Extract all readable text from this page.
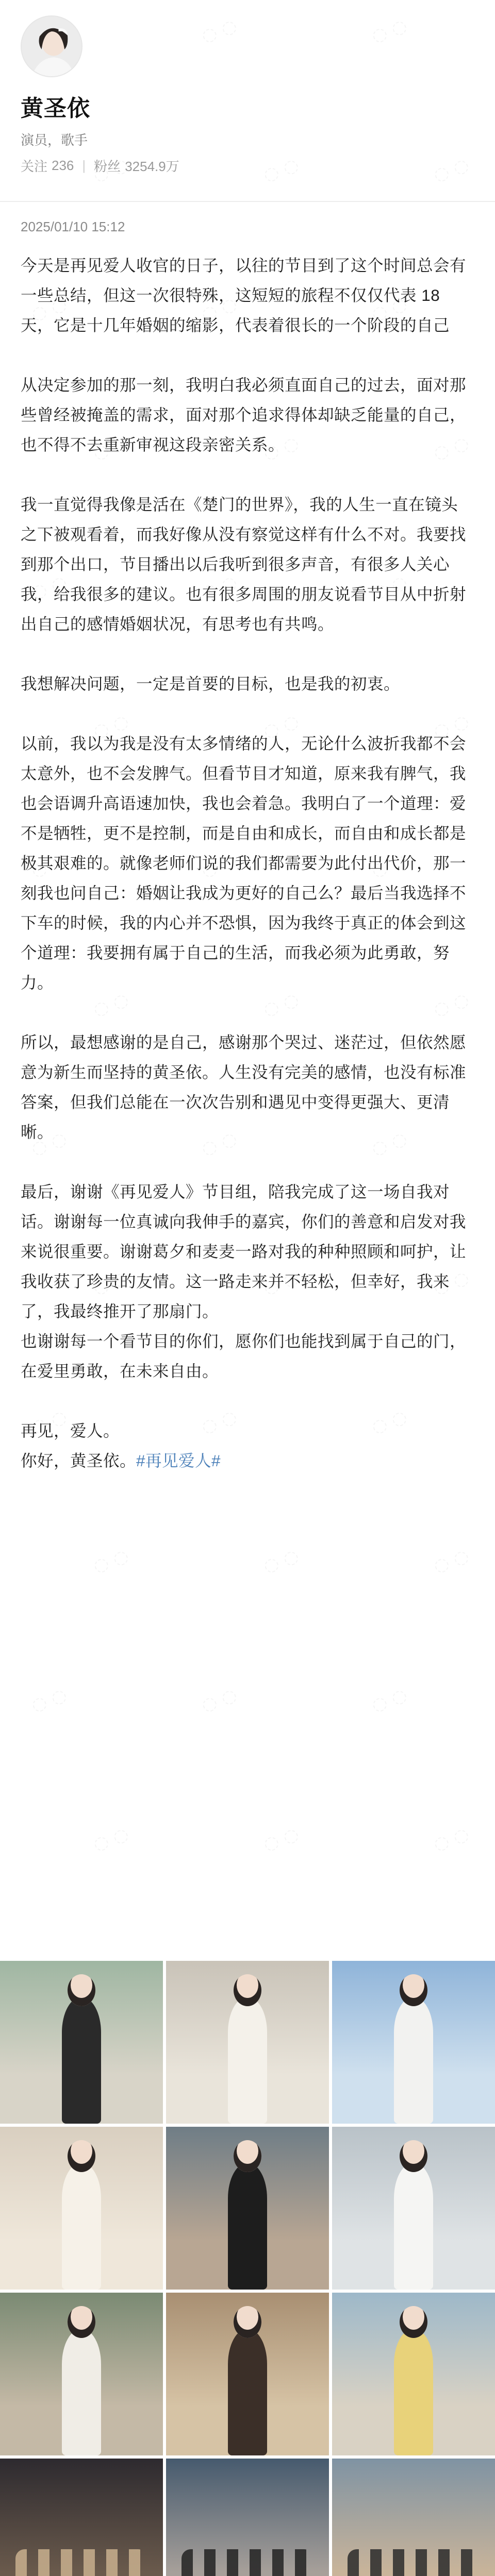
黄圣依
演员，歌手
关注 236 | 粉丝 3254.9万
2025/01/10 15:12

今天是再见爱人收官的日子，以往的节目到了这个时间总会有一些总结，但这一次很特殊，这短短的旅程不仅仅代表 18 天，它是十几年婚姻的缩影，代表着很长的一个阶段的自己

从决定参加的那一刻，我明白我必须直面自己的过去，面对那些曾经被掩盖的需求，面对那个追求得体却缺乏能量的自己，也不得不去重新审视这段亲密关系。

我一直觉得我像是活在《楚门的世界》，我的人生一直在镜头之下被观看着，而我好像从没有察觉这样有什么不对。我要找到那个出口，节目播出以后我听到很多声音，有很多人关心我，给我很多的建议。也有很多周围的朋友说看节目从中折射出自己的感情婚姻状况，有思考也有共鸣。

我想解决问题，一定是首要的目标，也是我的初衷。

以前，我以为我是没有太多情绪的人，无论什么波折我都不会太意外，也不会发脾气。但看节目才知道，原来我有脾气，我也会语调升高语速加快，我也会着急。我明白了一个道理：爱不是牺牲，更不是控制，而是自由和成长，而自由和成长都是极其艰难的。就像老师们说的我们都需要为此付出代价，那一刻我也问自己：婚姻让我成为更好的自己么？最后当我选择不下车的时候，我的内心并不恐惧，因为我终于真正的体会到这个道理：我要拥有属于自己的生活，而我必须为此勇敢，努力。

所以，最想感谢的是自己，感谢那个哭过、迷茫过，但依然愿意为新生而坚持的黄圣依。人生没有完美的感情，也没有标准答案，但我们总能在一次次告别和遇见中变得更强大、更清晰。

最后，谢谢《再见爱人》节目组，陪我完成了这一场自我对话。谢谢每一位真诚向我伸手的嘉宾，你们的善意和启发对我来说很重要。谢谢葛夕和麦麦一路对我的种种照顾和呵护，让我收获了珍贵的友情。这一路走来并不轻松，但幸好，我来了，我最终推开了那扇门。
也谢谢每一个看节目的你们，愿你们也能找到属于自己的门，在爱里勇敢，在未来自由。

再见，爱人。

你好，黄圣依。#再见爱人#
